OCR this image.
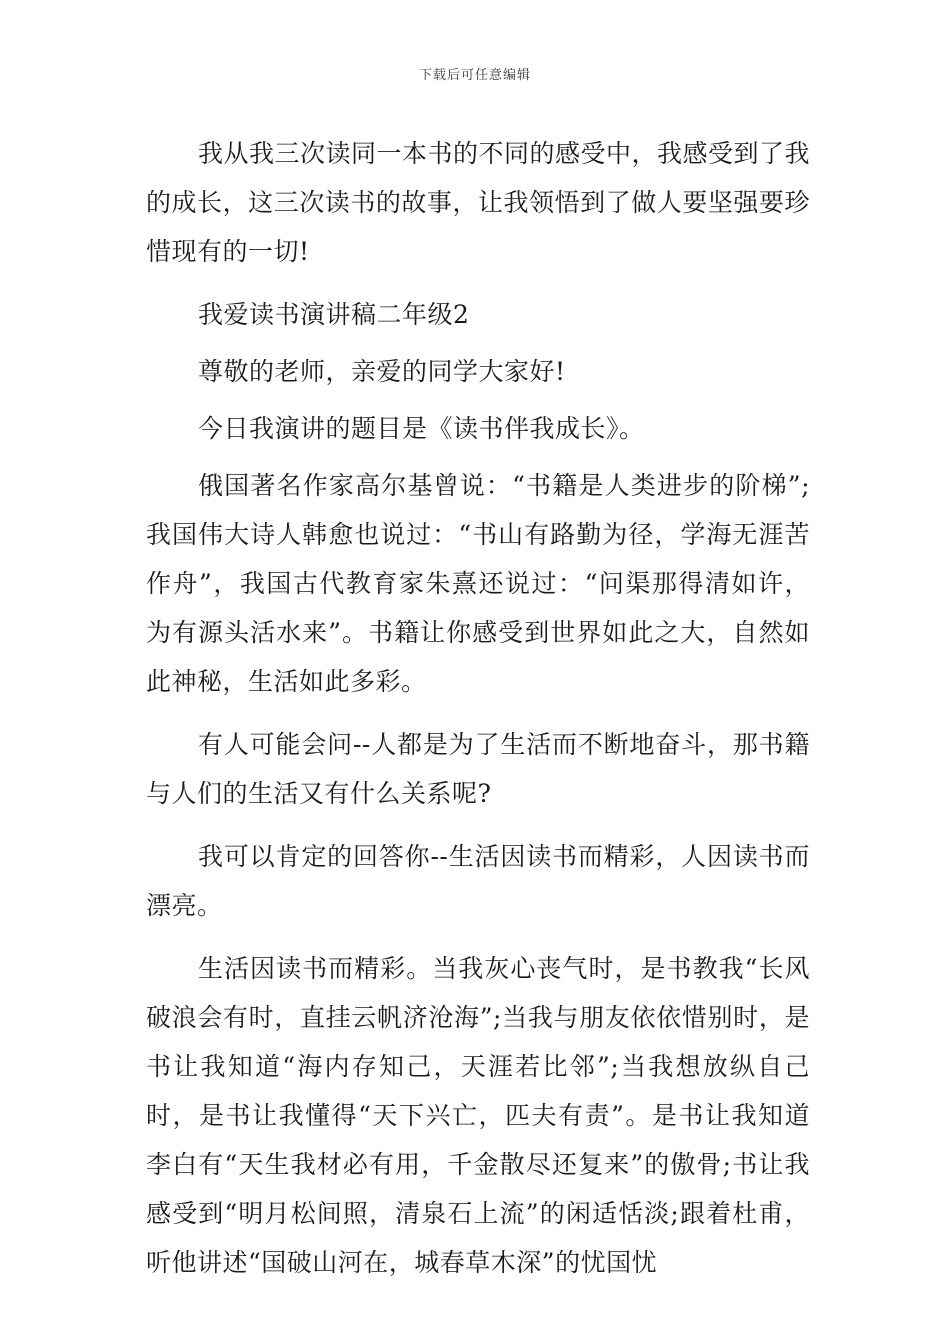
下载后可任意编辑

我从我三次读同一本书的不同的感受中，我感受到了我的成长，这三次读书的故事，让我领悟到了做人要坚强要珍惜现有的一切!

我爱读书演讲稿二年级2

尊敬的老师，亲爱的同学大家好!

今日我演讲的题目是《读书伴我成长》。

俄国著名作家高尔基曾说：“书籍是人类进步的阶梯”;我国伟大诗人韩愈也说过：“书山有路勤为径，学海无涯苦作舟”，我国古代教育家朱熹还说过：“问渠那得清如许，为有源头活水来”。书籍让你感受到世界如此之大，自然如此神秘，生活如此多彩。

有人可能会问--人都是为了生活而不断地奋斗，那书籍与人们的生活又有什么关系呢?

我可以肯定的回答你--生活因读书而精彩，人因读书而漂亮。

生活因读书而精彩。当我灰心丧气时，是书教我“长风破浪会有时，直挂云帆济沧海”;当我与朋友依依惜别时，是书让我知道“海内存知己，天涯若比邻”;当我想放纵自己时，是书让我懂得“天下兴亡，匹夫有责”。是书让我知道李白有“天生我材必有用，千金散尽还复来”的傲骨;书让我感受到“明月松间照，清泉石上流”的闲适恬淡;跟着杜甫，听他讲述“国破山河在，城春草木深”的忧国忧
